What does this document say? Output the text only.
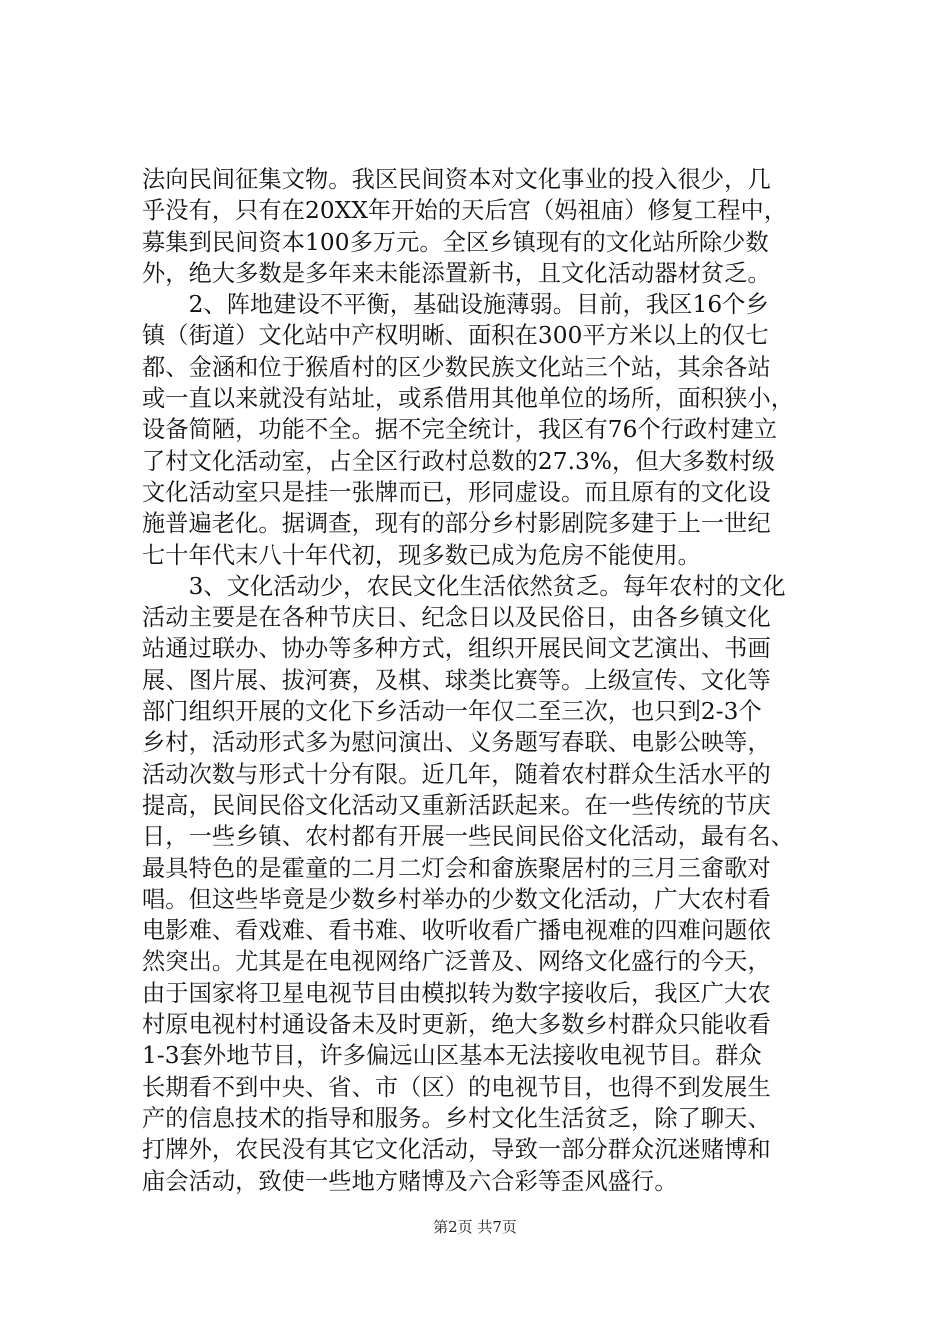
法向民间征集文物。我区民间资本对文化事业的投入很少，几
乎没有，只有在20XX年开始的天后宫（妈祖庙）修复工程中，
募集到民间资本100多万元。全区乡镇现有的文化站所除少数
外，绝大多数是多年来未能添置新书，且文化活动器材贫乏。
　　2、阵地建设不平衡，基础设施薄弱。目前，我区16个乡
镇（街道）文化站中产权明晰、面积在300平方米以上的仅七
都、金涵和位于猴盾村的区少数民族文化站三个站，其余各站
或一直以来就没有站址，或系借用其他单位的场所，面积狭小，
设备简陋，功能不全。据不完全统计，我区有76个行政村建立
了村文化活动室，占全区行政村总数的27.3%，但大多数村级
文化活动室只是挂一张牌而已，形同虚设。而且原有的文化设
施普遍老化。据调查，现有的部分乡村影剧院多建于上一世纪
七十年代末八十年代初，现多数已成为危房不能使用。
　　3、文化活动少，农民文化生活依然贫乏。每年农村的文化
活动主要是在各种节庆日、纪念日以及民俗日，由各乡镇文化
站通过联办、协办等多种方式，组织开展民间文艺演出、书画
展、图片展、拔河赛，及棋、球类比赛等。上级宣传、文化等
部门组织开展的文化下乡活动一年仅二至三次，也只到2-3个
乡村，活动形式多为慰问演出、义务题写春联、电影公映等，
活动次数与形式十分有限。近几年，随着农村群众生活水平的
提高，民间民俗文化活动又重新活跃起来。在一些传统的节庆
日，一些乡镇、农村都有开展一些民间民俗文化活动，最有名、
最具特色的是霍童的二月二灯会和畲族聚居村的三月三畲歌对
唱。但这些毕竟是少数乡村举办的少数文化活动，广大农村看
电影难、看戏难、看书难、收听收看广播电视难的四难问题依
然突出。尤其是在电视网络广泛普及、网络文化盛行的今天，
由于国家将卫星电视节目由模拟转为数字接收后，我区广大农
村原电视村村通设备未及时更新，绝大多数乡村群众只能收看
1-3套外地节目，许多偏远山区基本无法接收电视节目。群众
长期看不到中央、省、市（区）的电视节目，也得不到发展生
产的信息技术的指导和服务。乡村文化生活贫乏，除了聊天、
打牌外，农民没有其它文化活动，导致一部分群众沉迷赌博和
庙会活动，致使一些地方赌博及六合彩等歪风盛行。
第2页 共7页
